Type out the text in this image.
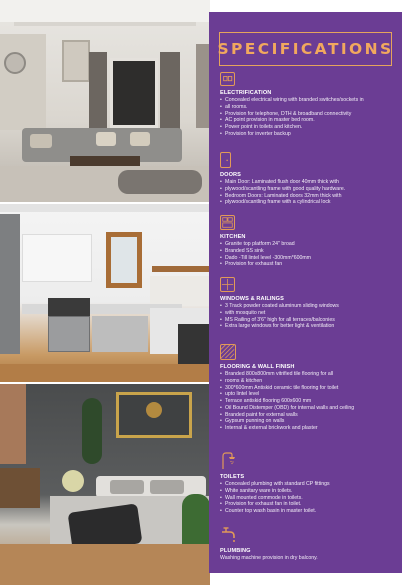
SPECIFICATIONS
ELECTRIFICATION
• Concealed electrical wiring with branded switches/sockets in
• all rooms.
• Provision for telephone, DTH & broadband connectivity
• AC point provision in master bed room.
• Power point in toilets and kitchen.
• Provision for inverter backup
DOORS
• Main Door: Laminated flush door 40mm thick with
• plywood/scantling frame with good quality hardware.
• Bedroom Doors: Laminated doors 32mm thick with
• plywood/scantling frame with a cylindrical lock
KITCHEN
• Granite top platform 24" broad
• Branded SS sink
• Dado -Till lintel level -300mm*600mm
• Provision for exhaust fan
WINDOWS & RAILINGS
• 3 Track powder coated aluminum sliding windows
• with mosquito net
• MS Railing of 3'6" high for all terraces/balconies
• Extra large windows for better light & ventilation
FLOORING & WALL FINISH
• Branded 800x800mm vitrified tile flooring for all
• rooms & kitchen
• 300*600mm Antiskid ceramic tile flooring for toilet
• upto lintel level
• Terrace antiskid flooring 600x600 mm
• Oil Bound Distemper (OBD) for internal walls and ceiling
• Branded paint for external walls
• Gypsum punning on walls
• Internal & external brickwork and plaster
TOILETS
• Concealed plumbing with standard CP fittings
• White sanitary ware in toilets.
• Wall mounted commode in toilets.
• Provision for exhaust fan in toilet.
• Counter top wash basin in master toilet.
PLUMBING
Washing machine provision in dry balcony.
